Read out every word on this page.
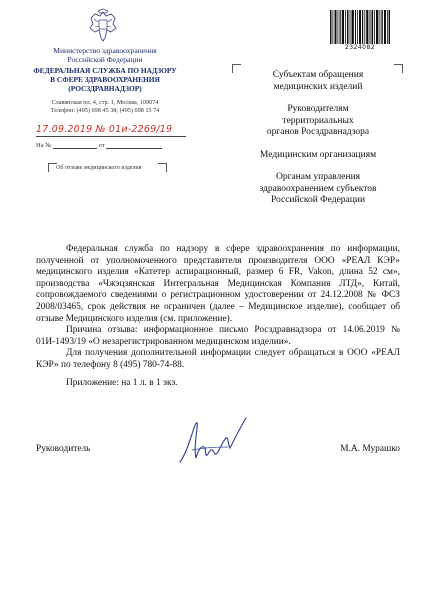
Министерство здравоохранения
Российской Федерации
ФЕДЕРАЛЬНАЯ СЛУЖБА ПО НАДЗОРУ
В СФЕРЕ ЗДРАВООХРАНЕНИЯ
(РОСЗДРАВНАДЗОР)
Славянская пл. 4, стр. 1, Москва, 109074
Телефон: (495) 698 45 38; (495) 698 15 74
17.09.2019 № 01и-2269/19
На №	от
Об отзыве медицинского изделия
2324082
Субъектам обращения
медицинских изделий
Руководителям
территориальных
органов Росздравнадзора
Медицинским организациям
Органам управления
здравоохранением субъектов
Российской Федерации

Федеральная служба по надзору в сфере здравоохранения по информации, полученной от уполномоченного представителя производителя ООО «РЕАЛ КЭР» медицинского изделия «Катетер аспирационный, размер 6 FR, Vakon, длина 52 см», производства «Чжэцзянская Интегральная Медицинская Компания ЛТД», Китай, сопровождаемого сведениями о регистрационном удостоверении от 24.12.2008 № ФСЗ 2008/03465, срок действия не ограничен (далее – Медицинское изделие), сообщает об отзыве Медицинского изделия (см. приложение).

Причина отзыва: информационное письмо Росздравнадзора от 14.06.2019 № 01И-1493/19 «О незарегистрированном медицинском изделии».

Для получения дополнительной информации следует обращаться в ООО «РЕАЛ КЭР» по телефону 8 (495) 780-74-88.

Приложение: на 1 л. в 1 экз.
Руководитель	М.А. Мурашко
